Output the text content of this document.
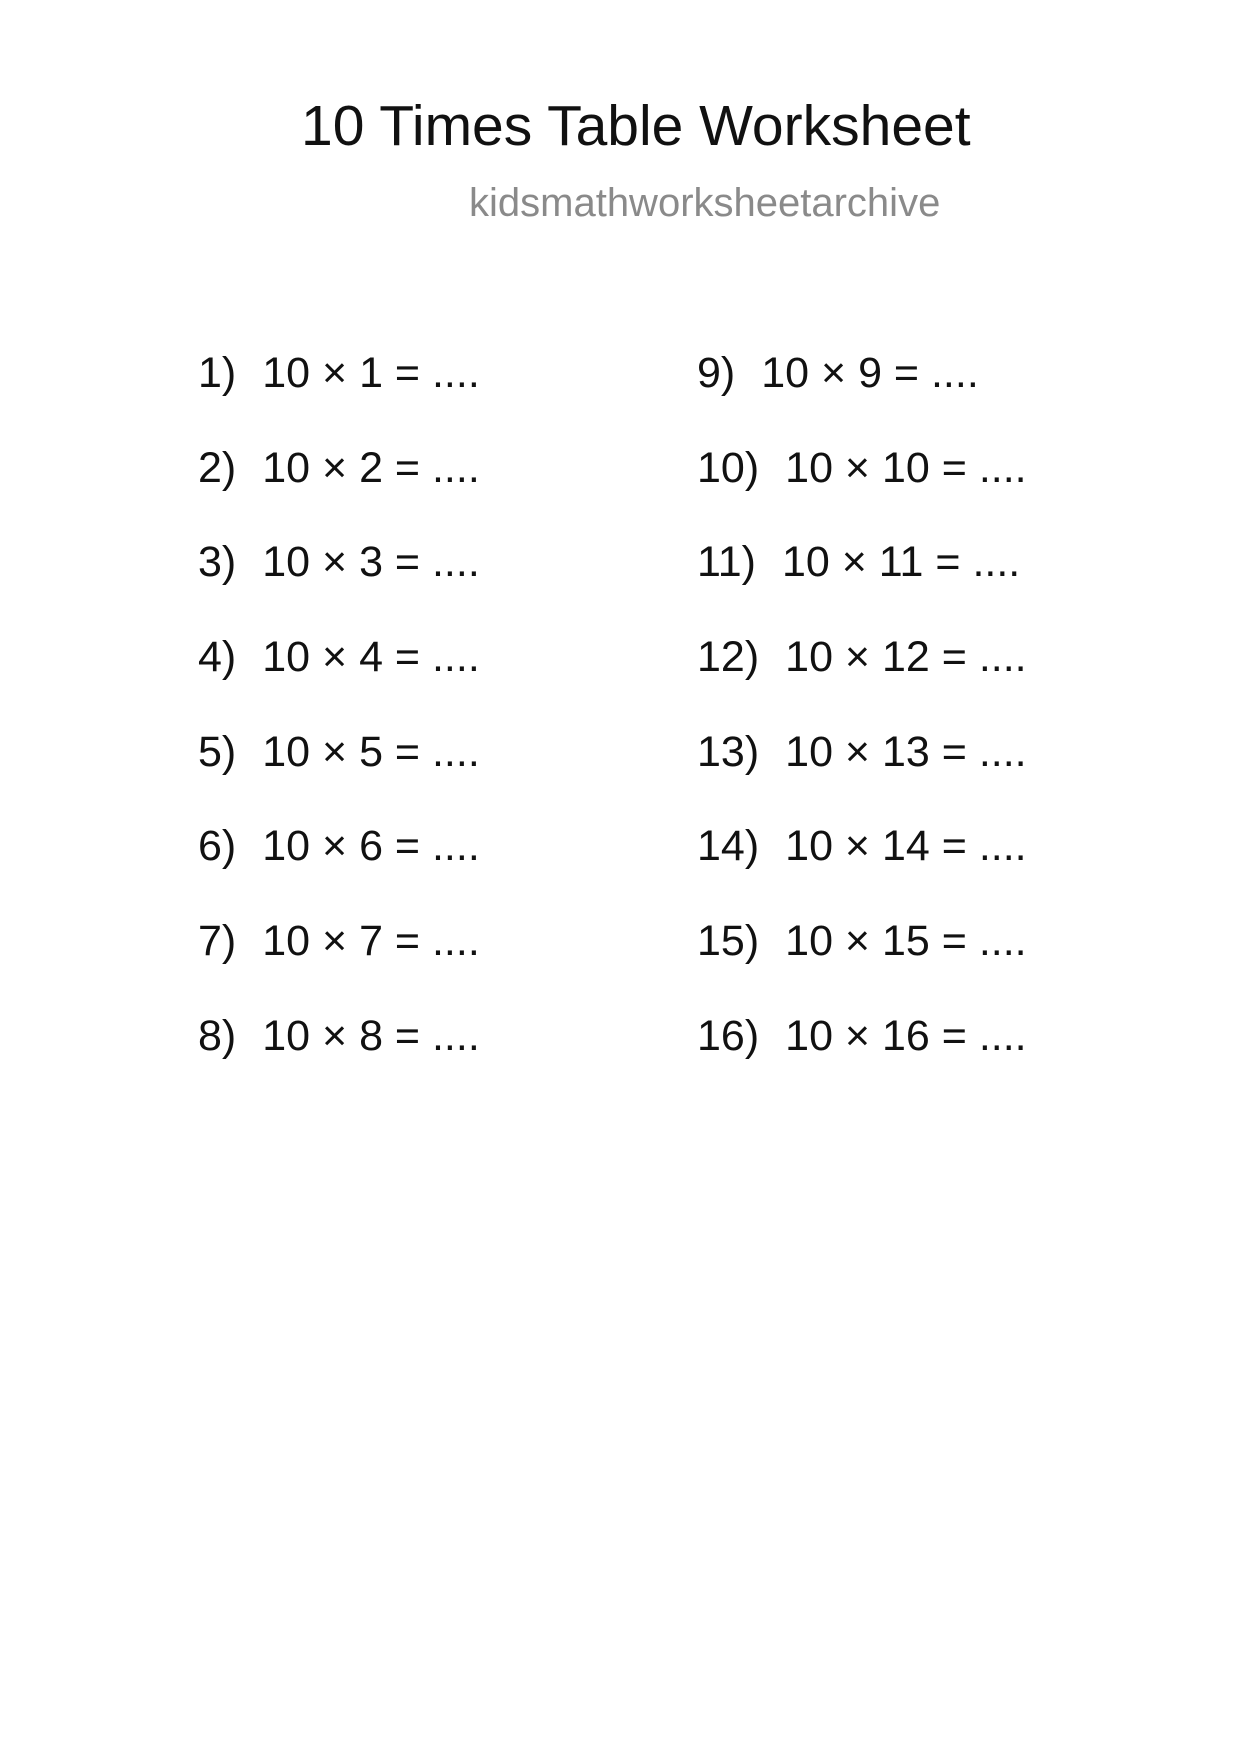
10 Times Table Worksheet
kidsmathworksheetarchive
1) 10 × 1 = ....
2) 10 × 2 = ....
3) 10 × 3 = ....
4) 10 × 4 = ....
5) 10 × 5 = ....
6) 10 × 6 = ....
7) 10 × 7 = ....
8) 10 × 8 = ....
9) 10 × 9 = ....
10) 10 × 10 = ....
11) 10 × 11 = ....
12) 10 × 12 = ....
13) 10 × 13 = ....
14) 10 × 14 = ....
15) 10 × 15 = ....
16) 10 × 16 = ....
